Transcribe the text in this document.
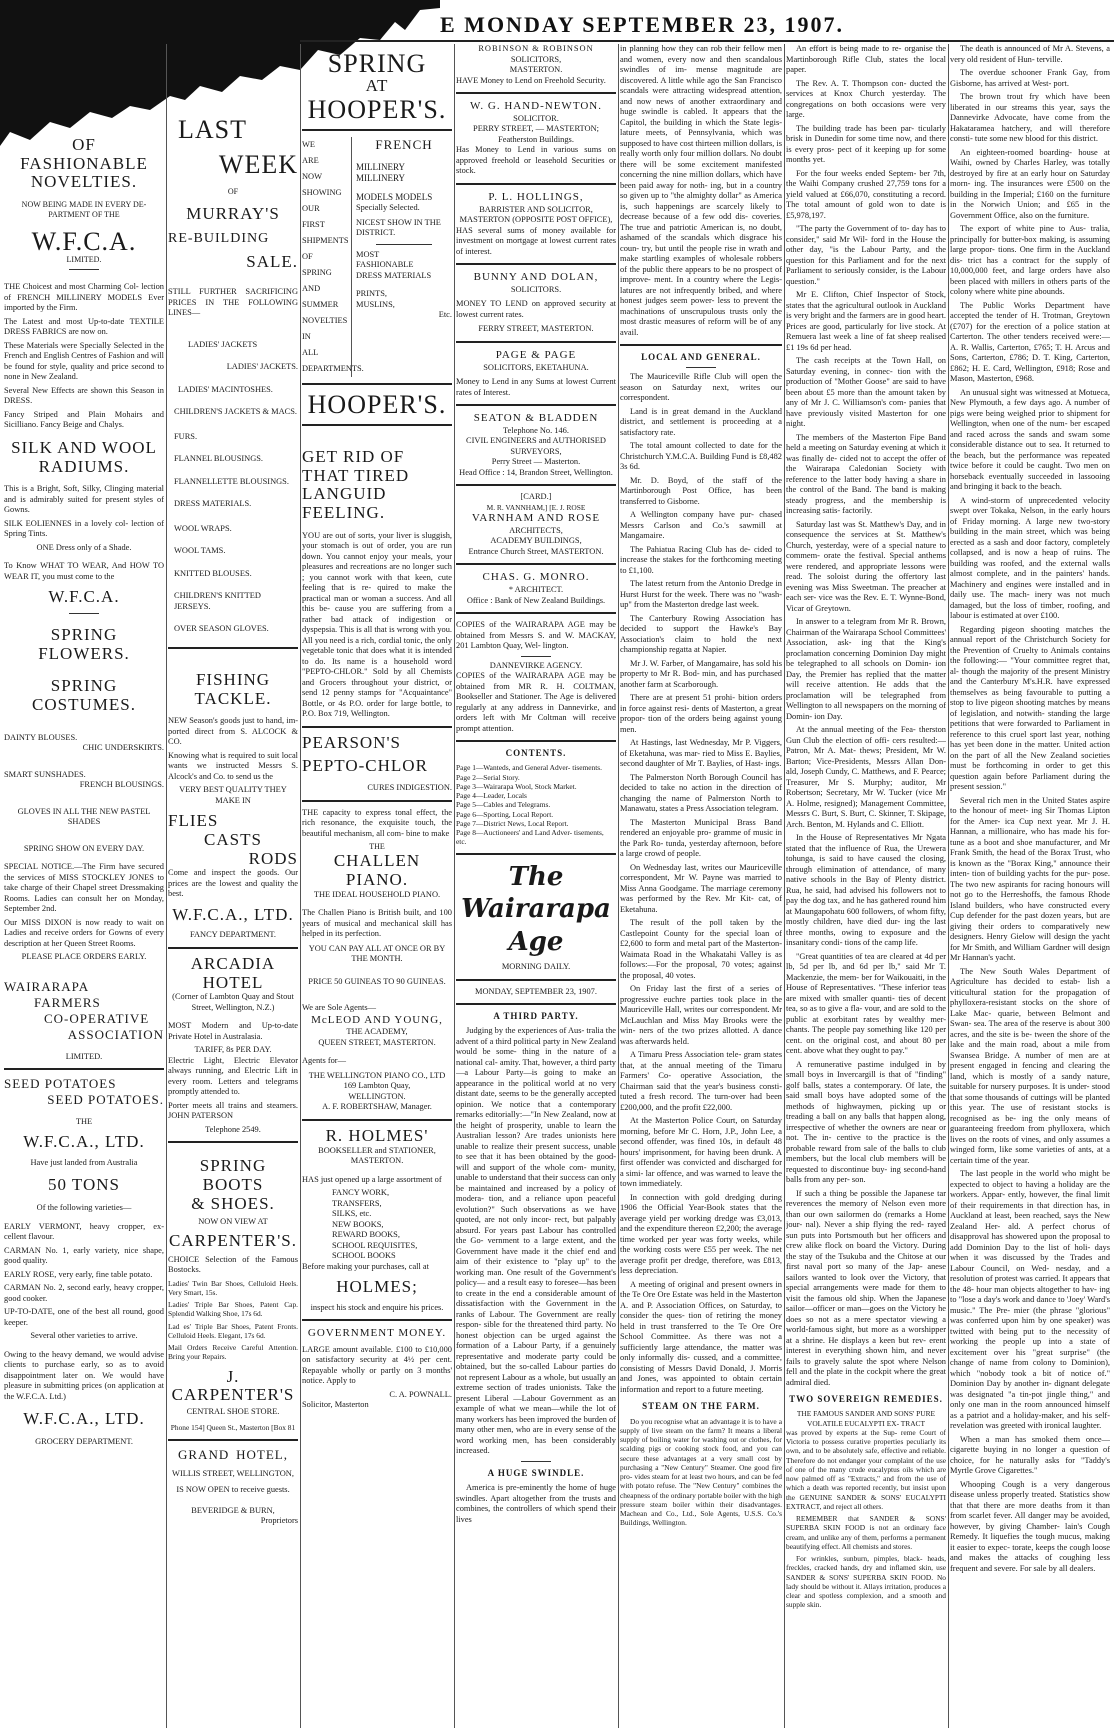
E MONDAY SEPTEMBER 23, 1907.
OF
FASHIONABLE
NOVELTIES.
NOW BEING MADE IN EVERY DE-
PARTMENT OF THE
W.F.C.A.
LIMITED.
THE Choicest and most Charming Col- lection of FRENCH MILLINERY MODELS Ever imported by the Firm.
The Latest and most Up-to-date TEXTILE DRESS FABRICS are now on.
These Materials were Specially Selected in the French and English Centres of Fashion and will be found for style, quality and price second to none in New Zealand.
Several New Effects are shown this Season in DRESS.
Fancy Striped and Plain Mohairs and Sicilliano. Fancy Beige and Chalys.
SILK AND WOOL RADIUMS.
This is a Bright, Soft, Silky, Clinging material and is admirably suited for present styles of Gowns.
SILK EOLIENNES in a lovely col- lection of Spring Tints.
ONE Dress only of a Shade.
To Know WHAT TO WEAR, And HOW TO WEAR IT, you must come to the
W.F.C.A.
SPRING FLOWERS.
SPRING COSTUMES.
DAINTY BLOUSES.
CHIC UNDERSKIRTS.
SMART SUNSHADES.
FRENCH BLOUSINGS.
GLOVES IN ALL THE NEW PASTEL SHADES
SPRING SHOW ON EVERY DAY.
SPECIAL NOTICE.—The Firm have secured the services of MISS STOCKLEY JONES to take charge of their Chapel street Dressmaking Rooms. Ladies can consult her on Monday, September 2nd.
Our MISS DIXON is now ready to wait on Ladies and receive orders for Gowns of every description at her Queen Street Rooms.
PLEASE PLACE ORDERS EARLY.
WAIRARAPA
FARMERS
CO-OPERATIVE
ASSOCIATION
LIMITED.
SEED POTATOES
SEED POTATOES.
THE
W.F.C.A., LTD.
Have just landed from Australia
50 TONS
Of the following varieties—
EARLY VERMONT, heavy cropper, ex- cellent flavour.
CARMAN No. 1, early variety, nice shape, good quality.
EARLY ROSE, very early, fine table potato.
CARMAN No. 2, second early, heavy cropper, good cooker.
UP-TO-DATE, one of the best all round, good keeper.
Several other varieties to arrive.
Owing to the heavy demand, we would advise clients to purchase early, so as to avoid disappointment later on. We would have pleasure in submitting prices (on application at the W.F.C.A. Ltd.)
W.F.C.A., LTD.
GROCERY DEPARTMENT.
LAST
WEEK
OF
MURRAY'S
RE-BUILDING
SALE.
STILL FURTHER SACRIFICING PRICES IN THE FOLLOWING LINES—
LADIES' JACKETS
LADIES' JACKETS.
LADIES' MACINTOSHES.
CHILDREN'S JACKETS & MACS.
FURS.
FLANNEL BLOUSINGS.
FLANNELLETTE BLOUSINGS.
DRESS MATERIALS.
WOOL WRAPS.
WOOL TAMS.
KNITTED BLOUSES.
CHILDREN'S KNITTED JERSEYS.
OVER SEASON GLOVES.
FISHING
TACKLE.
NEW Season's goods just to hand, im- ported direct from S. ALCOCK & CO.
Knowing what is required to suit local wants we instructed Messrs S. Alcock's and Co. to send us the
VERY BEST QUALITY THEY MAKE IN
FLIES
CASTS
RODS
Come and inspect the goods. Our prices are the lowest and quality the best.
W.F.C.A., LTD.
FANCY DEPARTMENT.
ARCADIA HOTEL
(Corner of Lambton Quay and Stout Street, Wellington, N.Z.)
MOST Modern and Up-to-date Private Hotel in Australasia.
TARIFF, 8s PER DAY.
Electric Light, Electric Elevator always running, and Electric Lift in every room. Letters and telegrams promptly attended to.
Porter meets all trains and steamers. JOHN PATERSON
Telephone 2549.
SPRING BOOTS
& SHOES.
NOW ON VIEW AT
CARPENTER'S.
CHOICE Selection of the Famous Bostocks.
Ladies' Twin Bar Shoes, Celluloid Heels. Very Smart, 15s.
Ladies' Triple Bar Shoes, Patent Cap. Splendid Walking Shoe, 17s 6d.
Lad es' Triple Bar Shoes, Patent Fronts. Celluloid Heels. Elegant, 17s 6d.
Mail Orders Receive Careful Attention. Bring your Repairs.
J. CARPENTER'S
CENTRAL SHOE STORE.
Phone 154] Queen St., Masterton [Box 81
GRAND HOTEL,
WILLIS STREET, WELLINGTON,
IS NOW OPEN to receive guests.
BEVERIDGE & BURN,
Proprietors
SPRING
AT
HOOPER'S.
WE
ARE
NOW
SHOWING
OUR
FIRST
SHIPMENTS
OF
SPRING
AND
SUMMER
NOVELTIES
IN
ALL
DEPARTMENTS.
FRENCH
MILLINERY MILLINERY
MODELS MODELS
Specially Selected.
NICEST SHOW IN THE DISTRICT.
MOST
FASHIONABLE
DRESS MATERIALS
PRINTS,
MUSLINS,
Etc.
HOOPER'S.
GET RID OF
THAT TIRED
LANGUID
FEELING.
YOU are out of sorts, your liver is sluggish, your stomach is out of order, you are run down. You cannot enjoy your meals, your pleasures and recreations are no longer such ; you cannot work with that keen, cute feeling that is re- quired to make the practical man or woman a success. And all this be- cause you are suffering from a rather bad attack of indigestion or dyspepsia. This is all that is wrong with you. All you need is a rich, cordial tonic, the only vegetable tonic that does what it is intended to do. Its name is a household word "PEPTO-CHLOR." Sold by all Chemists and Grocers throughout your district, or send 12 penny stamps for "Acquaintance" Bottle, or 4s P.O. order for large bottle, to P.O. Box 719, Wellington.
PEARSON'S
PEPTO-CHLOR
CURES INDIGESTION.
THE capacity to express tonal effect, the rich resonance, the exquisite touch, the beautiful mechanism, all com- bine to make
THE
CHALLEN
PIANO.
THE IDEAL HOUSEHOLD PIANO.
The Challen Piano is British built, and 100 years of musical and mechanical skill has helped in its perfection.
YOU CAN PAY ALL AT ONCE OR BY THE MONTH.
PRICE 50 GUINEAS TO 90 GUINEAS.
We are Sole Agents—
McLEOD AND YOUNG,
THE ACADEMY,
QUEEN STREET, MASTERTON.
Agents for—
THE WELLINGTON PIANO CO., LTD
169 Lambton Quay,
WELLINGTON.
A. F. ROBERTSHAW, Manager.
R. HOLMES'
BOOKSELLER and STATIONER, MASTERTON.
HAS just opened up a large assortment of
FANCY WORK,
TRANSFERS,
SILKS, etc.
NEW BOOKS,
REWARD BOOKS,
SCHOOL REQUISITES,
SCHOOL BOOKS
Before making your purchases, call at
HOLMES;
inspect his stock and enquire his prices.
GOVERNMENT MONEY.
LARGE amount available. £100 to £10,000 on satisfactory security at 4½ per cent. Repayable wholly or partly on 3 months' notice. Apply to
C. A. POWNALL.
Solicitor, Masterton
ROBINSON & ROBINSON
SOLICITORS,
MASTERTON.
HAVE Money to Lend on Freehold Security.
W. G. HAND-NEWTON.
SOLICITOR.
PERRY STREET, — MASTERTON; Featherston Buildings.
Has Money to Lend in various sums on approved freehold or leasehold Securities or stock.
P. L. HOLLINGS,
BARRISTER AND SOLICITOR,
MASTERTON (OPPOSITE POST OFFICE),
HAS several sums of money available for investment on mortgage at lowest current rates of interest.
BUNNY AND DOLAN,
SOLICITORS.
MONEY TO LEND on approved security at lowest current rates.
FERRY STREET, MASTERTON.
PAGE & PAGE
SOLICITORS, EKETAHUNA.
Money to Lend in any Sums at lowest Current rates of Interest.
SEATON & BLADDEN
Telephone No. 146.
CIVIL ENGINEERS and AUTHORISED SURVEYORS,
Perry Street — Masterton.
Head Office : 14, Brandon Street, Wellington.
[CARD.]
M. R. VANNHAM,] [E. J. ROSE
VARNHAM AND ROSE
ARCHITECTS,
ACADEMY BUILDINGS,
Entrance Church Street, MASTERTON.
CHAS. G. MONRO.
* ARCHITECT.
Office : Bank of New Zealand Buildings.
COPIES of the WAIRARAPA AGE may be obtained from Messrs S. and W. MACKAY, 201 Lambton Quay, Wel- lington.
DANNEVIRKE AGENCY.
COPIES of the WAIRARAPA AGE may be obtained from MR R. H. COLTMAN, Bookseller and Stationer. The Age is delivered regularly at any address in Dannevirke, and orders left with Mr Coltman will receive prompt attention.
CONTENTS.
Page 1—Wanteds, and General Adver- tisements.
Page 2—Serial Story.
Page 3—Wairarapa Wool, Stock Market.
Page 4—Leader, Locals
Page 5—Cables and Telegrams.
Page 6—Sporting, Local Report.
Page 7—District News, Local Report.
Page 8—Auctioneers' and Land Adver- tisements, etc.
The Wairarapa Age
MORNING DAILY.
MONDAY, SEPTEMBER 23, 1907.
A THIRD PARTY.
Judging by the experiences of Aus- tralia the advent of a third political party in New Zealand would be some- thing in the nature of a national cal- amity. That, however, a third party —a Labour Party—is going to make an appearance in the political world at no very distant date, seems to be the generally accepted opinion. We notice that a contemporary remarks editorially:—"In New Zealand, now at the height of prosperity, unable to learn the Australian lesson? Are trades unionists here unable to realize their present success, unable to see that it has been obtained by the good- will and support of the whole com- munity, unable to understand that their success can only be maintained and increased by a policy of modera- tion, and a reliance upon peaceful evolution?" Such observations as we have quoted, are not only incor- rect, but palpably absurd. For years past Labour has controlled the Go- vernment to a large extent, and the Government have made it the chief end and aim of their existence to "play up" to the working man. One result of the Government's policy— and a result easy to foresee—has been to create in the end a considerable amount of dissatisfaction with the Government in the ranks of Labour. The Government are really respon- sible for the threatened third party. No honest objection can be urged against the formation of a Labour Party, if a genuinely representative and moderate party could be obtained, but the so-called Labour parties do not represent Labour as a whole, but usually an extreme section of trades unionists. Take the present Liberal —Labour Government as an example of what we mean—while the lot of many workers has been improved the burden of many other men, who are in every sense of the word working men, has been considerably increased.
A HUGE SWINDLE.
America is pre-eminently the home of huge swindles. Apart altogether from the trusts and combines, the controllers of which spend their lives
in planning how they can rob their fellow men and women, every now and then scandalous swindles of im- mense magnitude are discovered. A little while ago the San Francisco scandals were attracting widespread attention, and now news of another extraordinary and huge swindle is cabled. It appears that the Capitol, the building in which the State legis- lature meets, of Pennsylvania, which was supposed to have cost thirteen million dollars, is really worth only four million dollars. No doubt there will be some excitement manifested concerning the nine million dollars, which have been paid away for noth- ing, but in a country so given up to "the almighty dollar" as America is, such happenings are scarcely likely to decrease because of a few odd dis- coveries. The true and patriotic American is, no doubt, ashamed of the scandals which disgrace his coun- try, but until the people rise in wrath and make startling examples of wholesale robbers of the public there appears to be no prospect of improve- ment. In a country where the Legis- latures are not infrequently bribed, and where honest judges seem power- less to prevent the machinations of unscrupulous trusts only the most drastic measures of reform will be of any avail.
LOCAL AND GENERAL.
The Mauriceville Rifle Club will open the season on Saturday next, writes our correspondent.
Land is in great demand in the Auckland district, and settlement is proceeding at a satisfactory rate.
The total amount collected to date for the Christchurch Y.M.C.A. Building Fund is £8,482 3s 6d.
Mr. D. Boyd, of the staff of the Martinborough Post Office, has been transferred to Gisborne.
A Wellington company have pur- chased Messrs Carlson and Co.'s sawmill at Mangamaire.
The Pahiatua Racing Club has de- cided to increase the stakes for the forthcoming meeting to £1,100.
The latest return from the Antonio Dredge in Hurst Hurst for the week. There was no "wash-up" from the Masterton dredge last week.
The Canterbury Rowing Association has decided to support the Hawke's Bay Association's claim to hold the next championship regatta at Napier.
Mr J. W. Farber, of Mangamaire, has sold his property to Mr R. Bod- min, and has purchased another farm at Scarborough.
There are at present 51 prohi- bition orders in force against resi- dents of Masterton, a great propor- tion of the orders being against young men.
At Hastings, last Wednesday, Mr P. Viggers, of Eketahuna, was mar- ried to Miss E. Baylies, second daughter of Mr T. Baylies, of Hast- ings.
The Palmerston North Borough Council has decided to take no action in the direction of changing the name of Palmerston North to Manawatu, states a Press Association telegram.
The Masterton Municipal Brass Band rendered an enjoyable pro- gramme of music in the Park Ro- tunda, yesterday afternoon, before a large crowd of people.
On Wednesday last, writes our Mauriceville correspondent, Mr W. Payne was married to Miss Anna Goodgame. The marriage ceremony was performed by the Rev. Mr Kit- cat, of Eketahuna.
The result of the poll taken by the Castlepoint County for the special loan of £2,600 to form and metal part of the Masterton-Waimata Road in the Whakatahi Valley is as follows:—For the proposal, 70 votes; against the proposal, 40 votes.
On Friday last the first of a series of progressive euchre parties took place in the Mauriceville Hall, writes our correspondent. Mr McLauchlan and Miss May Brooks were the win- ners of the two prizes allotted. A dance was afterwards held.
A Timaru Press Association tele- gram states that, at the annual meeting of the Timaru Farmers' Co- operative Association, the Chairman said that the year's business consti- tuted a fresh record. The turn-over had been £200,000, and the profit £22,000.
At the Masterton Police Court, on Saturday morning, before Mr C. Horn, J.P., John Lee, a second offender, was fined 10s, in default 48 hours' imprisonment, for having been drunk. A first offender was convicted and discharged for a simi- lar offence, and was warned to leave the town immediately.
In connection with gold dredging during 1906 the Official Year-Book states that the average yield per working dredge was £3,013, and the expenditure thereon £2,200; the average time worked per year was forty weeks, while the working costs were £55 per week. The net average profit per dredge, therefore, was £813, less depreciation.
A meeting of original and present owners in the Te Ore Ore Estate was held in the Masterton A. and P. Association Offices, on Saturday, to consider the ques- tion of retiring the money held in trust transferred to the Te Ore Ore School Committee. As there was not a sufficiently large attendance, the matter was only informally dis- cussed, and a committee, consisting of Messrs David Donald, J. Morris and Jones, was appointed to obtain certain information and report to a future meeting.
STEAM ON THE FARM.
Do you recognise what an advantage it is to have a supply of live steam on the farm? It means a liberal supply of boiling water for washing out or clothes, for scalding pigs or cooking stock food, and you can secure these advantages at a very small cost by purchasing a "New Century" Steamer. One good fire pro- vides steam for at least two hours, and can be fed with potato refuse. The "New Century" combines the cheapness of the ordinary portable boiler with the high pressure steam boiler within their disadvantages. Machean and Co., Ltd., Sole Agents, U.S.S. Co.'s Buildings, Wellington.
An effort is being made to re- organise the Martinborough Rifle Club, states the local paper.
The Rev. A. T. Thompson con- ducted the services at Knox Church yesterday. The congregations on both occasions were very large.
The building trade has been par- ticularly brisk in Dunedin for some time now, and there is every pros- pect of it keeping up for some months yet.
For the four weeks ended Septem- ber 7th, the Waihi Company crushed 27,759 tons for a yield valued at £66,070, constituting a record. The total amount of gold won to date is £5,978,197.
"The party the Government of to- day has to consider," said Mr Wil- ford in the House the other day, "is the Labour Party, and the question for this Parliament and for the next Parliament to seriously consider, is the Labour question."
Mr E. Clifton, Chief Inspector of Stock, states that the agricultural outlook in Auckland is very bright and the farmers are in good heart. Prices are good, particularly for live stock. At Remuera last week a line of fat sheep realised £1 19s 6d per head.
The cash receipts at the Town Hall, on Saturday evening, in connec- tion with the production of "Mother Goose" are said to have been about £5 more than the amount taken by any of Mr J. C. Williamson's com- panies that have previously visited Masterton for one night.
The members of the Masterton Fipe Band held a meeting on Saturday evening at which it was finally de- cided not to accept the offer of the Wairarapa Caledonian Society with reference to the latter body having a share in the control of the Band. The band is making steady progress, and the membership is increasing satis- factorily.
Saturday last was St. Matthew's Day, and in consequence the services at St. Matthew's Church, yesterday, were of a special nature to commem- orate the festival. Special anthems were rendered, and appropriate lessons were read. The soloist during the offertory last evening was Miss Sweetman. The preacher at each ser- vice was the Rev. E. T. Wynne-Bond, Vicar of Greytown.
In answer to a telegram from Mr R. Brown, Chairman of the Wairarapa School Committees' Association, ask- ing that the King's proclamation concerning Dominion Day might be telegraphed to all schools on Domin- ion Day, the Premier has replied that the matter will receive attention. He adds that the proclamation will be telegraphed from Wellington to all newspapers on the morning of Domin- ion Day.
At the annual meeting of the Fea- therston Gun Club the election of offi- cers resulted:—Patron, Mr A. Mat- thews; President, Mr W. Barton; Vice-Presidents, Messrs Allan Don- ald, Joseph Cundy, C. Matthews, and F. Pearce; Treasurer, Mr S. Murphy; auditor, Mr Robertson; Secretary, Mr W. Tucker (vice Mr A. Holme, resigned); Management Committee, Messrs C. Burt, S. Burt, C. Skinner, T. Skipage, Arch. Benton, M. Hylands and C. Elliott.
In the House of Representatives Mr Ngata stated that the influence of Rua, the Urewera tohunga, is said to have caused the closing, through elimination of attendance, of many native schools in the Bay of Plenty district. Rua, he said, had advised his followers not to pay the dog tax, and he has gathered round him at Maungapohatu 600 followers, of whom fifty, mostly children, have died dur- ing the last three months, owing to exposure and the insanitary condi- tions of the camp life.
"Great quantities of tea are cleared at 4d per lb, 5d per lb, and 6d per lb," said Mr T. Mackenzie, the mem- ber for Waikouaiti, in the House of Representatives. "These inferior teas are mixed with smaller quanti- ties of decent tea, so as to give a fla- vour, and are sold to the public at exorbitant rates by wealthy mer- chants. The people pay something like 120 per cent. on the original cost, and about 80 per cent. above what they ought to pay."
A remunerative pastime indulged in by small boys in Invercargill is that of "finding" golf balls, states a contemporary. Of late, the said small boys have adopted some of the methods of highwaymen, picking up or treading a ball on any balls that happen along, irrespective of whether the owners are near or not. The in- centive to the practice is the probable reward from sale of the balls to club members, but the local club members will be requested to discontinue buy- ing second-hand balls from any per- son.
If such a thing be possible the Japanese tar reverences the memory of Nelson even more than our own sailormen do (remarks a Home jour- nal). Never a ship flying the red- rayed sun puts into Portsmouth but her officers and crew alike flock on board the Victory. During the stay of the Tsukuba and the Chitose at our first naval port so many of the Jap- anese sailors wanted to look over the Victory, that special arrangements were made for them to visit the famous old ship. When the Japanese sailor—officer or man—goes on the Victory he does so not as a mere spectator viewing a world-famous sight, but more as a worshipper at a shrine. He displays a keen but rev- erent interest in everything shown him, and never fails to gravely salute the spot where Nelson fell and the plate in the cockpit where the great admiral died.
TWO SOVEREIGN REMEDIES.
THE FAMOUS SANDER AND SONS' PURE VOLATILE EUCALYPTI EX- TRACT
was proved by experts at the Sup- reme Court of Victoria to possess curative properties peculiarly its own, and to be absolutely safe, effective and reliable. Therefore do not endanger your complaint of the use of one of the many crude eucalyptus oils which are now palmed off as "Extracts," and from the use of which a death was reported recently, but insist upon the GENUINE SANDER & SONS' EUCALYPTI EXTRACT, and reject all others.
REMEMBER that SANDER & SONS' SUPERBA SKIN FOOD is not an ordinary face cream, and unlike any of them, performs a permanent beautifying effect. All chemists and stores.
For wrinkles, sunburn, pimples, black- heads, freckles, cracked hands, dry and inflamed skin, use SANDER & SONS' SUPERBA SKIN FOOD. No lady should be without it. Allays irritation, produces a clear and spotless complexion, and a smooth and supple skin.
The death is announced of Mr A. Stevens, a very old resident of Hun- terville.
The overdue schooner Frank Gay, from Gisborne, has arrived at West- port.
The brown trout fry which have been liberated in our streams this year, says the Dannevirke Advocate, have come from the Hakataramea hatchery, and will therefore consti- tute some new blood for this district.
An eighteen-roomed boarding- house at Waihi, owned by Charles Harley, was totally destroyed by fire at an early hour on Saturday morn- ing. The insurances were £500 on the building in the Imperial; £160 on the furniture in the Norwich Union; and £65 in the Government Office, also on the furniture.
The export of white pine to Aus- tralia, principally for butter-box making, is assuming large propor- tions. One firm in the Auckland dis- trict has a contract for the supply of 10,000,000 feet, and large orders have also been placed with millers in others parts of the colony where white pine abounds.
The Public Works Department have accepted the tender of H. Trotman, Greytown (£707) for the erection of a police station at Carterton. The other tenders received were:—A. R. Wallis, Carterton, £765; T. H. Arcus and Sons, Carterton, £786; D. T. King, Carterton, £862; H. E. Card, Wellington, £918; Rose and Mason, Masterton, £968.
An unusual sight was witnessed at Motueca, New Plymouth, a few days ago. A number of pigs were being weighed prior to shipment for Wellington, when one of the num- ber escaped and raced across the sands and swam some considerable distance out to sea. It returned to the beach, but the performance was repeated twice before it could be caught. Two men on horseback eventually succeeded in lassooing and bringing it back to the beach.
A wind-storm of unprecedented velocity swept over Tokaka, Nelson, in the early hours of Friday morning. A large new two-story building in the main street, which was being erected as a sash and door factory, completely collapsed, and is now a heap of ruins. The building was roofed, and the external walls almost complete, and in the painters' hands. Machinery and engines were installed and in daily use. The mach- inery was not much damaged, but the loss of timber, roofing, and labour is estimated at over £100.
Regarding pigeon shooting matches the annual report of the Christchurch Society for the Prevention of Cruelty to Animals contains the following:— "Your committee regret that, al- though the majority of the present Ministry and the Canterbury M's.H.R. have expressed themselves as being favourable to putting a stop to live pigeon shooting matches by means of legislation, and notwith- standing the large petitions that were forwarded to Parliament in reference to this cruel sport last year, nothing has yet been done in the matter. United action on the part of all the New Zealand societies must be forthcoming in order to get this question again before Parliament during the present session."
Several rich men in the United States aspire to the honour of meet- ing Sir Thomas Lipton for the Amer- ica Cup next year. Mr J. H. Hannan, a millionaire, who has made his for- tune as a boot and shoe manufacturer, and Mr Frank Smith, the head of the Borax Trust, who is known as the "Borax King," announce their inten- tion of building yachts for the pur- pose. The two new aspirants for racing honours will not go to the Herreshoffs, the famous Rhode Island builders, who have constructed every Cup defender for the past dozen years, but are giving their orders to comparatively new designers. Henry Gielow will design the yacht for Mr Smith, and William Gardner will design Mr Hannan's yacht.
The New South Wales Department of Agriculture has decided to estab- lish a viticultural station for the propagation of phylloxera-resistant stocks on the shore of Lake Mac- quarie, between Belmont and Swan- sea. The area of the reserve is about 300 acres, and the site is be- tween the shore of the lake and the main road, about a mile from Swansea Bridge. A number of men are at present engaged in fencing and clearing the land, which is mostly of a sandy nature, suitable for nursery purposes. It is under- stood that some thousands of cuttings will be planted this year. The use of resistant stocks is recognised as be- ing the only means of guaranteeing freedom from phylloxera, which lives on the roots of vines, and only assumes a winged form, like some varieties of ants, at a certain time of the year.
The last people in the world who might be expected to object to having a holiday are the workers. Appar- ently, however, the final limit of their requirements in that direction has, in Auckland at least, been reached, says the New Zealand Her- ald. A perfect chorus of disapproval has showered upon the proposal to add Dominion Day to the list of holi- days when it was discussed by the Trades and Labour Council, on Wed- nesday, and a resolution of protest was carried. It appears that the 48- hour man objects altogether to hav- ing to "lose a day's work and dance to 'Joey' Ward's music." The Pre- mier (the phrase "glorious" was conferred upon him by one speaker) was twitted with being put to the necessity of working the people up into a state of excitement over his "great surprise" (the change of name from colony to Dominion), which "nobody took a bit of notice of." Dominion Day by another in- dignant delegate was designated "a tin-pot jingle thing," and only one man in the room announced himself as a patriot and a holiday-maker, and his self-revelation was greeted with ironical laughter.
When a man has smoked them once—cigarette buying in no longer a question of choice, for he naturally asks for "Taddy's Myrtle Grove Cigarettes."
Whooping Cough is a very dangerous disease unless properly treated. Statistics show that that there are more deaths from it than from scarlet fever. All danger may be avoided, however, by giving Chamber- lain's Cough Remedy. It liquefies the tough mucus, making it easier to expec- torate, keeps the cough loose and makes the attacks of coughing less frequent and severe. For sale by all dealers.
